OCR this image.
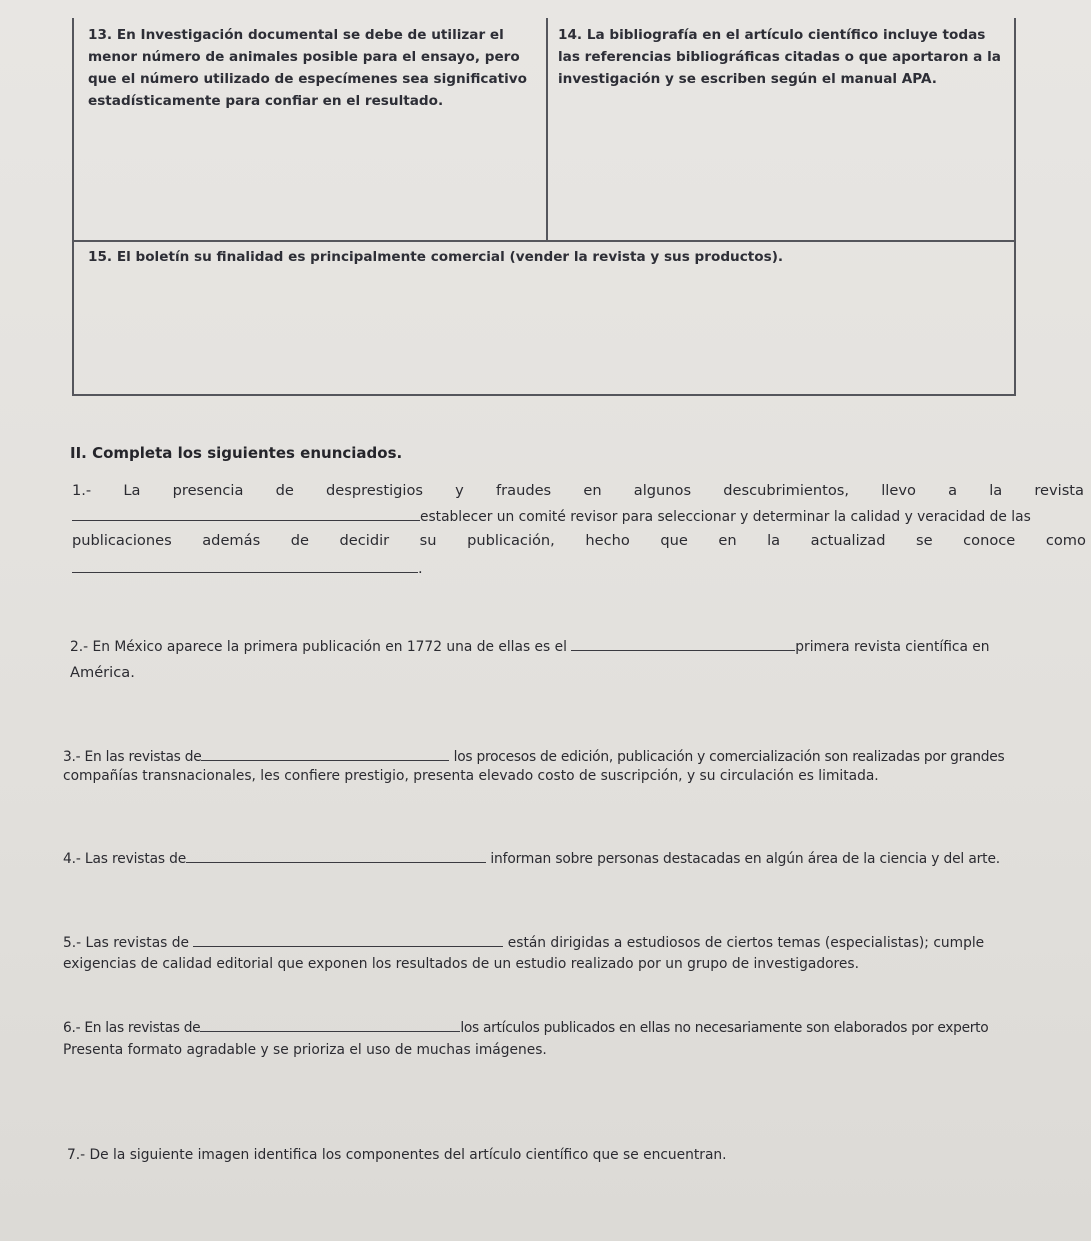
13. En Investigación documental se debe de utilizar el menor número de animales posible para el ensayo, pero que el número utilizado de especímenes sea significativo estadísticamente para confiar en el resultado.
14. La bibliografía en el artículo científico incluye todas las referencias bibliográficas citadas o que aportaron a la investigación y se escriben según el manual APA.
15. El boletín su finalidad es principalmente comercial (vender la revista y sus productos).
II. Completa los siguientes enunciados.
1.- La presencia de desprestigios y fraudes en algunos descubrimientos, llevo a la revista
establecer un comité revisor para seleccionar y determinar la calidad y veracidad de las
publicaciones además de decidir su publicación, hecho que en la actualizad se conoce como
.
2.- En México aparece la primera publicación en 1772 una de ellas es el	primera revista científica en
América.
3.- En las revistas de	los procesos de edición, publicación y comercialización son realizadas por grandes
compañías transnacionales, les confiere prestigio, presenta elevado costo de suscripción, y su circulación es limitada.
4.- Las revistas de	informan sobre personas destacadas en algún área de la ciencia y del arte.
5.- Las revistas de	están dirigidas a estudiosos de ciertos temas (especialistas); cumple
exigencias de calidad editorial que exponen los resultados de un estudio realizado por un grupo de investigadores.
6.- En las revistas de	los artículos publicados en ellas no necesariamente son elaborados por experto
Presenta formato agradable y se prioriza el uso de muchas imágenes.
7.- De la siguiente imagen identifica los componentes del artículo científico que se encuentran.
